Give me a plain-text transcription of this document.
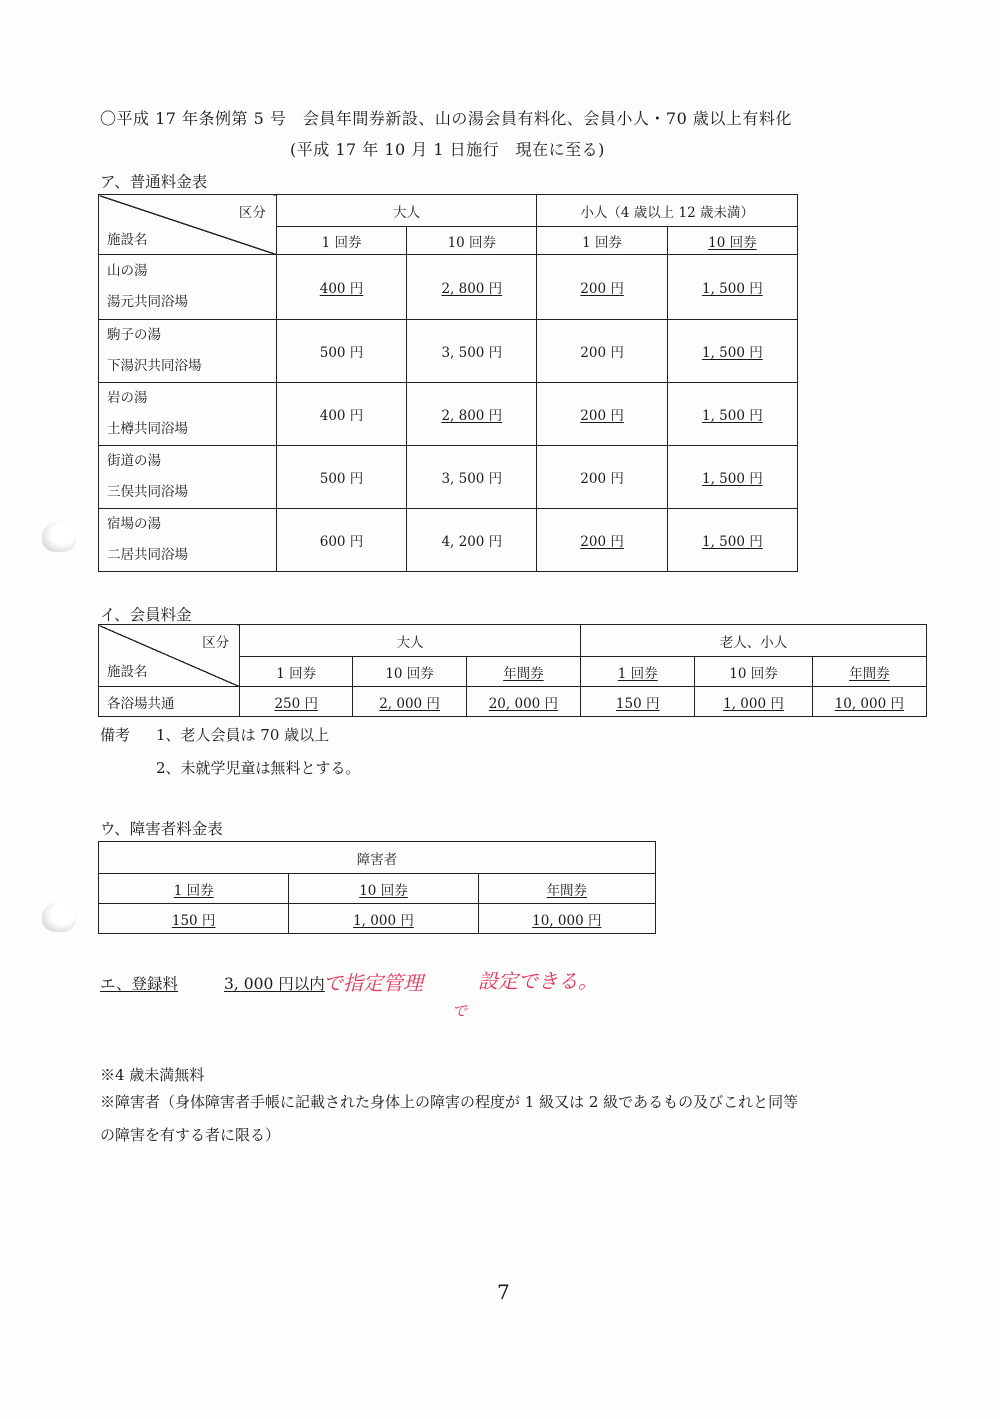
〇平成 17 年条例第 5 号　会員年間券新設、山の湯会員有料化、会員小人・70 歳以上有料化
(平成 17 年 10 月 1 日施行　現在に至る)
ア、普通料金表
区分
施設名	大人		小人（4 歳以上 12 歳未満）	
	1 回券	10 回券	1 回券	10 回券

山の湯
湯元共同浴場	400 円	2, 800 円	200 円	1, 500 円

駒子の湯
下湯沢共同浴場	500 円	3, 500 円	200 円	1, 500 円

岩の湯
土樽共同浴場	400 円	2, 800 円	200 円	1, 500 円

街道の湯
三俣共同浴場	500 円	3, 500 円	200 円	1, 500 円

宿場の湯
二居共同浴場	600 円	4, 200 円	200 円	1, 500 円
イ、会員料金
区分
施設名	大人			老人、小人		
	1 回券	10 回券	年間券	1 回券	10 回券	年間券
各浴場共通	250 円	2, 000 円	20, 000 円	150 円	1, 000 円	10, 000 円
備考 1、老人会員は 70 歳以上
2、未就学児童は無料とする。
ウ、障害者料金表
障害者		
1 回券	10 回券	年間券
150 円	1, 000 円	10, 000 円
エ、登録料	3, 000 円以内
で指定管理	設定できる。
で
※4 歳未満無料
※障害者（身体障害者手帳に記載された身体上の障害の程度が 1 級又は 2 級であるもの及びこれと同等
の障害を有する者に限る）
7
